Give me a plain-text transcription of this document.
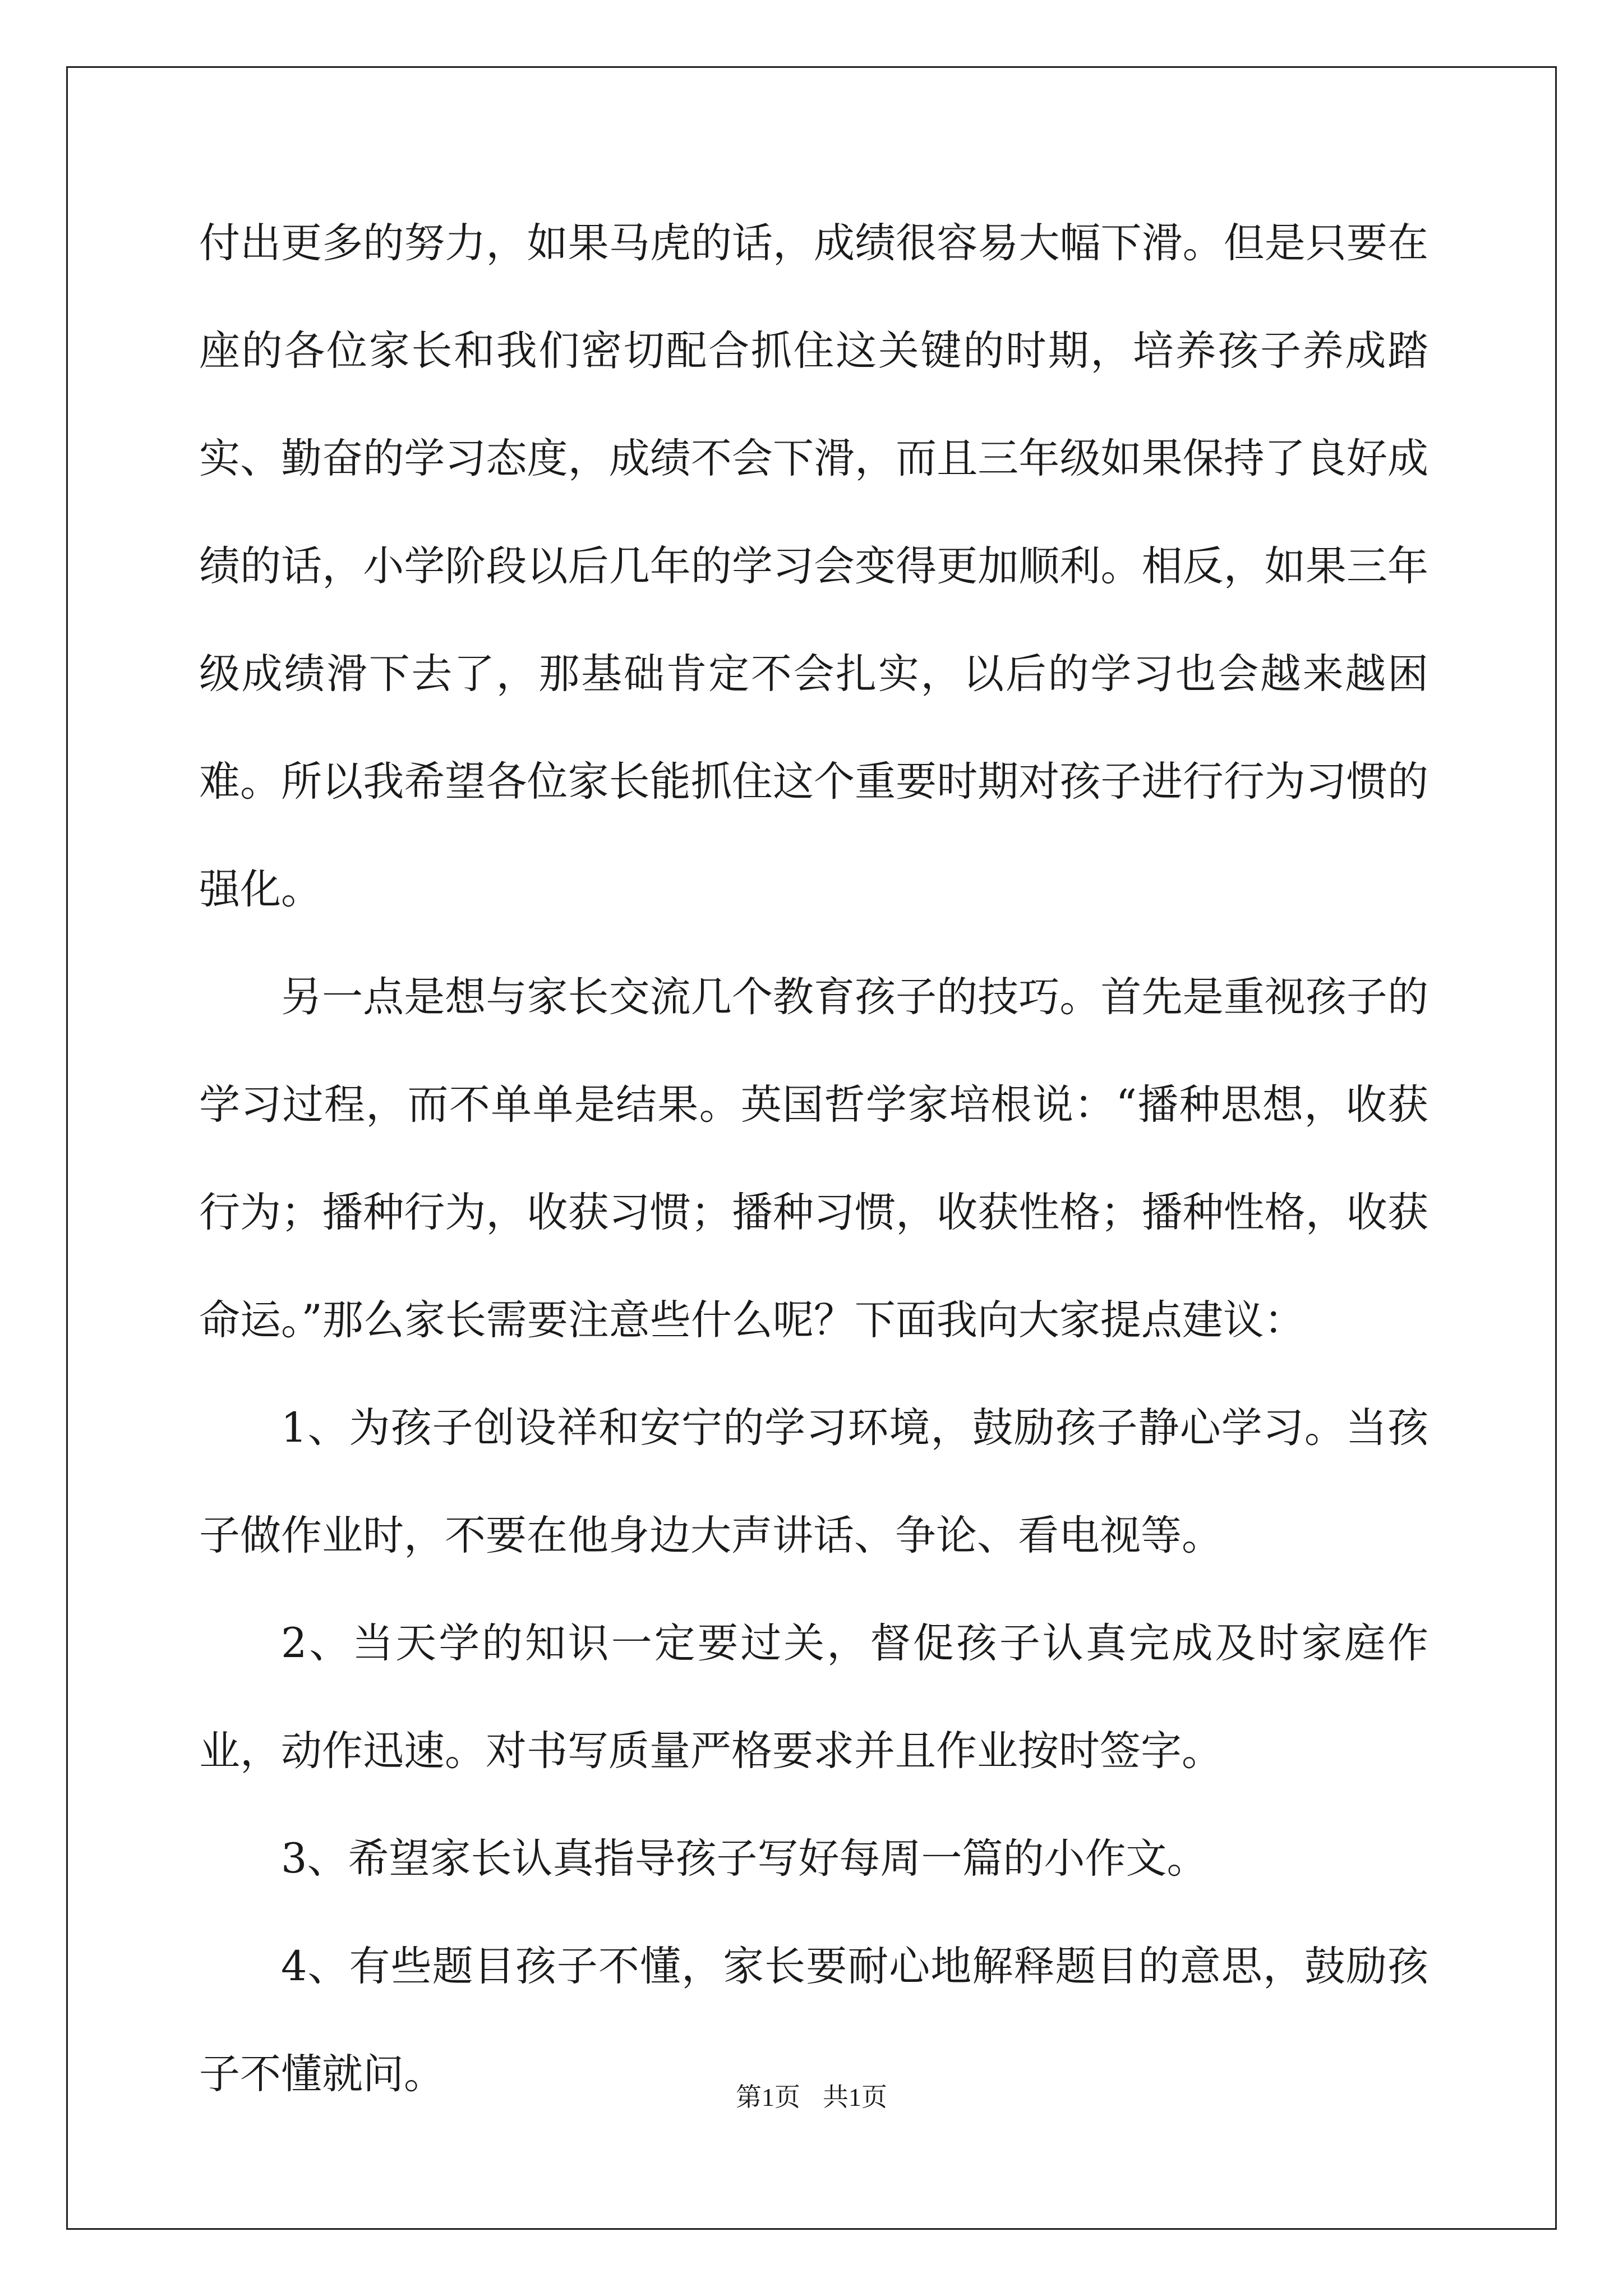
付出更多的努力，如果马虎的话，成绩很容易大幅下滑。但是只要在座的各位家长和我们密切配合抓住这关键的时期，培养孩子养成踏实、勤奋的学习态度，成绩不会下滑，而且三年级如果保持了良好成绩的话，小学阶段以后几年的学习会变得更加顺利。相反，如果三年级成绩滑下去了，那基础肯定不会扎实，以后的学习也会越来越困难。所以我希望各位家长能抓住这个重要时期对孩子进行行为习惯的强化。

另一点是想与家长交流几个教育孩子的技巧。首先是重视孩子的学习过程，而不单单是结果。英国哲学家培根说：“播种思想，收获行为；播种行为，收获习惯；播种习惯，收获性格；播种性格，收获命运。”那么家长需要注意些什么呢？下面我向大家提点建议：

1、为孩子创设祥和安宁的学习环境，鼓励孩子静心学习。当孩子做作业时，不要在他身边大声讲话、争论、看电视等。

2、当天学的知识一定要过关，督促孩子认真完成及时家庭作业，动作迅速。对书写质量严格要求并且作业按时签字。

3、希望家长认真指导孩子写好每周一篇的小作文。

4、有些题目孩子不懂，家长要耐心地解释题目的意思，鼓励孩子不懂就问。	第1页 共1页
